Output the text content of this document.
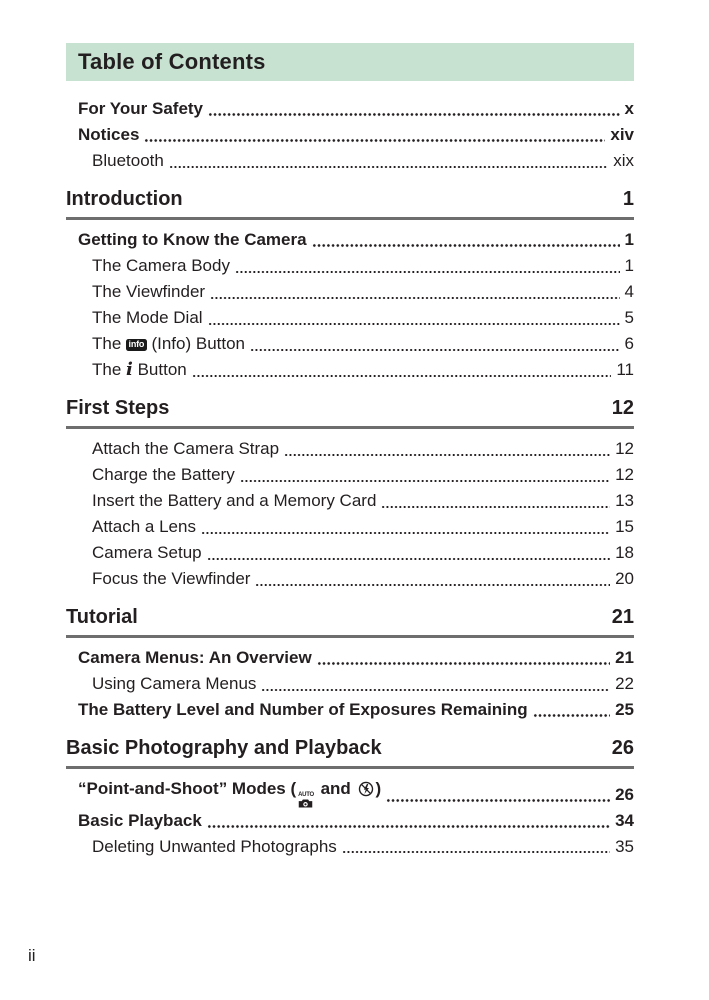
Table of Contents
For Your Safety	x
Notices	xiv
Bluetooth	xix
Introduction	1
Getting to Know the Camera	1
The Camera Body	1
The Viewfinder	4
The Mode Dial	5
The info (Info) Button	6
The i Button	11
First Steps	12
Attach the Camera Strap	12
Charge the Battery	12
Insert the Battery and a Memory Card	13
Attach a Lens	15
Camera Setup	18
Focus the Viewfinder	20
Tutorial	21
Camera Menus: An Overview	21
Using Camera Menus	22
The Battery Level and Number of Exposures Remaining	25
Basic Photography and Playback	26
“Point-and-Shoot” Modes ( AUTO and )	26
Basic Playback	34
Deleting Unwanted Photographs	35
ii
